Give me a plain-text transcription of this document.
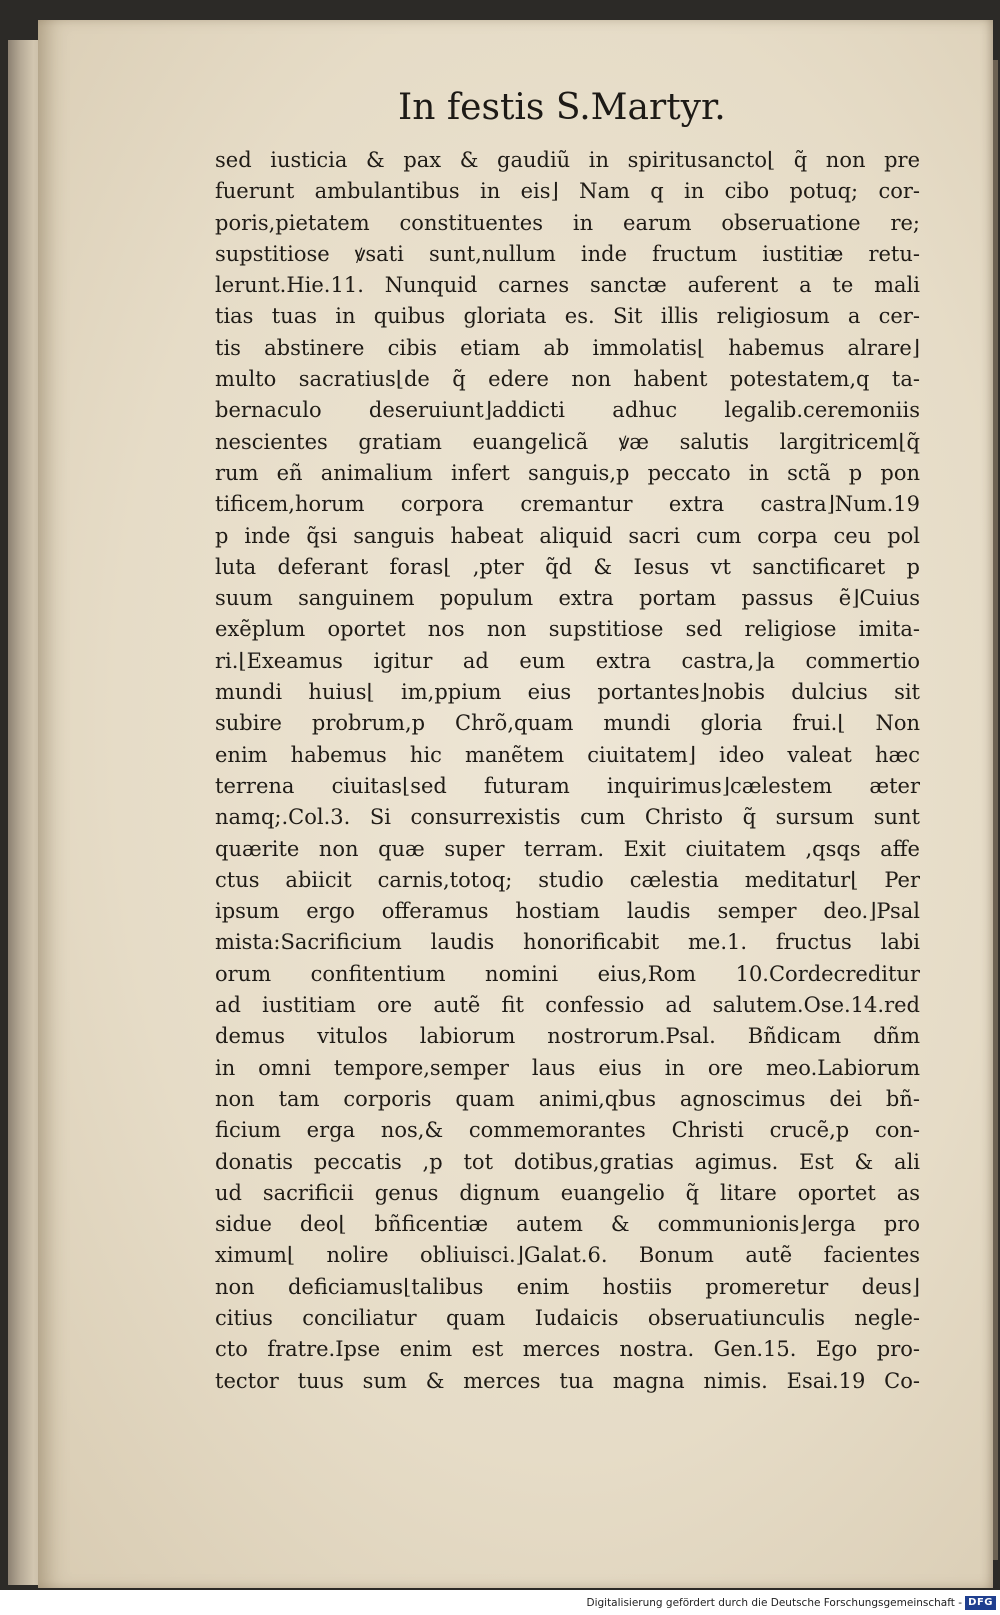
In festis S.Martyr.
sed iusticia & pax & gaudiũ in spiritusancto⌊ q̃ non pre
fuerunt ambulantibus in eis⌋ Nam q in cibo potuq; cor-
poris,pietatem constituentes in earum obseruatione re;
supstitiose ꝟsati sunt,nullum inde fructum iustitiæ retu-
lerunt.Hie.11. Nunquid carnes sanctæ auferent a te mali
tias tuas in quibus gloriata es. Sit illis religiosum a cer-
tis abstinere cibis etiam ab immolatis⌊ habemus alrare⌋
multo sacratius⌊de q̃ edere non habent potestatem,q ta-
bernaculo deseruiunt⌋addicti adhuc legalib.ceremoniis
nescientes gratiam euangelicã ꝟæ salutis largitricem⌊q̃
rum eñ animalium infert sanguis,p peccato in sctã p pon
tificem,horum corpora cremantur extra castra⌋Num.19
p inde q̃si sanguis habeat aliquid sacri cum corpa ceu pol
luta deferant foras⌊ ,pter q̃d & Iesus vt sanctificaret p
suum sanguinem populum extra portam passus ẽ⌋Cuius
exẽplum oportet nos non supstitiose sed religiose imita-
ri.⌊Exeamus igitur ad eum extra castra,⌋a commertio
mundi huius⌊ im,ppium eius portantes⌋nobis dulcius sit
subire probrum,p Chrõ,quam mundi gloria frui.⌊ Non
enim habemus hic manẽtem ciuitatem⌋ ideo valeat hæc
terrena ciuitas⌊sed futuram inquirimus⌋cælestem æter
namq;.Col.3. Si consurrexistis cum Christo q̃ sursum sunt
quærite non quæ super terram. Exit ciuitatem ,qsqs affe
ctus abiicit carnis,totoq; studio cælestia meditatur⌊ Per
ipsum ergo offeramus hostiam laudis semper deo.⌋Psal
mista:Sacrificium laudis honorificabit me.1. fructus labi
orum confitentium nomini eius,Rom 10.Cordecreditur
ad iustitiam ore autẽ fit confessio ad salutem.Ose.14.red
demus vitulos labiorum nostrorum.Psal. Bñdicam dñm
in omni tempore,semper laus eius in ore meo.Labiorum
non tam corporis quam animi,qbus agnoscimus dei bñ-
ficium erga nos,& commemorantes Christi crucẽ,p con-
donatis peccatis ,p tot dotibus,gratias agimus. Est & ali
ud sacrificii genus dignum euangelio q̃ litare oportet as
sidue deo⌊ bñficentiæ autem & communionis⌋erga pro
ximum⌊ nolire obliuisci.⌋Galat.6. Bonum autẽ facientes
non deficiamus⌊talibus enim hostiis promeretur deus⌋
citius conciliatur quam Iudaicis obseruatiunculis negle-
cto fratre.Ipse enim est merces nostra. Gen.15. Ego pro-
tector tuus sum & merces tua magna nimis. Esai.19 Co-
Digitalisierung gefördert durch die Deutsche Forschungsgemeinschaft - DFG
